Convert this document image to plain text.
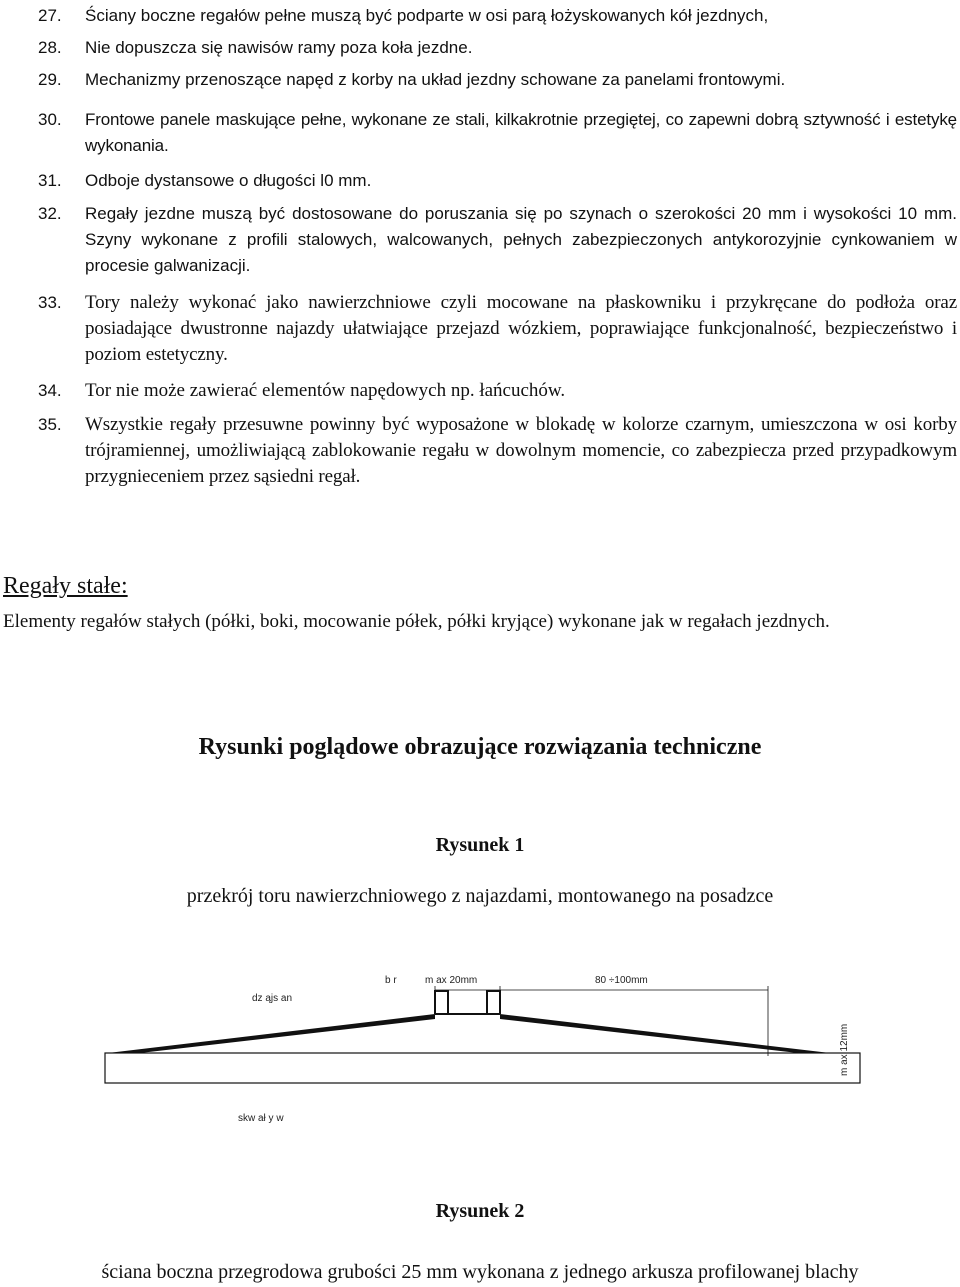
27. Ściany boczne regałów pełne muszą być podparte w osi parą łożyskowanych kół jezdnych,
28. Nie dopuszcza się nawisów ramy poza koła jezdne.
29. Mechanizmy przenoszące napęd z korby na układ jezdny schowane za panelami frontowymi.
30. Frontowe panele maskujące pełne, wykonane ze stali, kilkakrotnie przegiętej, co zapewni dobrą sztywność i estetykę wykonania.
31. Odboje dystansowe o długości l0 mm.
32. Regały jezdne muszą być dostosowane do poruszania się po szynach o szerokości 20 mm i wysokości 10 mm. Szyny wykonane z profili stalowych, walcowanych, pełnych zabezpieczonych antykorozyjnie cynkowaniem w procesie galwanizacji.
33. Tory należy wykonać jako nawierzchniowe czyli mocowane na płaskowniku i przykręcane do podłoża oraz posiadające dwustronne najazdy ułatwiające przejazd wózkiem, poprawiające funkcjonalność, bezpieczeństwo i poziom estetyczny.
34. Tor nie może zawierać elementów napędowych np. łańcuchów.
35. Wszystkie regały przesuwne powinny być wyposażone w blokadę w kolorze czarnym, umieszczona w osi korby trójramiennej, umożliwiającą zablokowanie regału w dowolnym momencie, co zabezpiecza przed przypadkowym przygnieceniem przez sąsiedni regał.
Regały stałe:
Elementy regałów stałych (półki, boki, mocowanie półek, półki kryjące) wykonane jak w regałach jezdnych.
Rysunki poglądowe obrazujące rozwiązania techniczne
Rysunek 1
przekrój toru nawierzchniowego z najazdami, montowanego na posadzce
dz ąjs an
b r	m ax 20mm	80 ÷100mm
m ax 12mm
skw ał y w
Rysunek 2
ściana boczna przegrodowa grubości 25 mm wykonana z jednego arkusza profilowanej blachy
